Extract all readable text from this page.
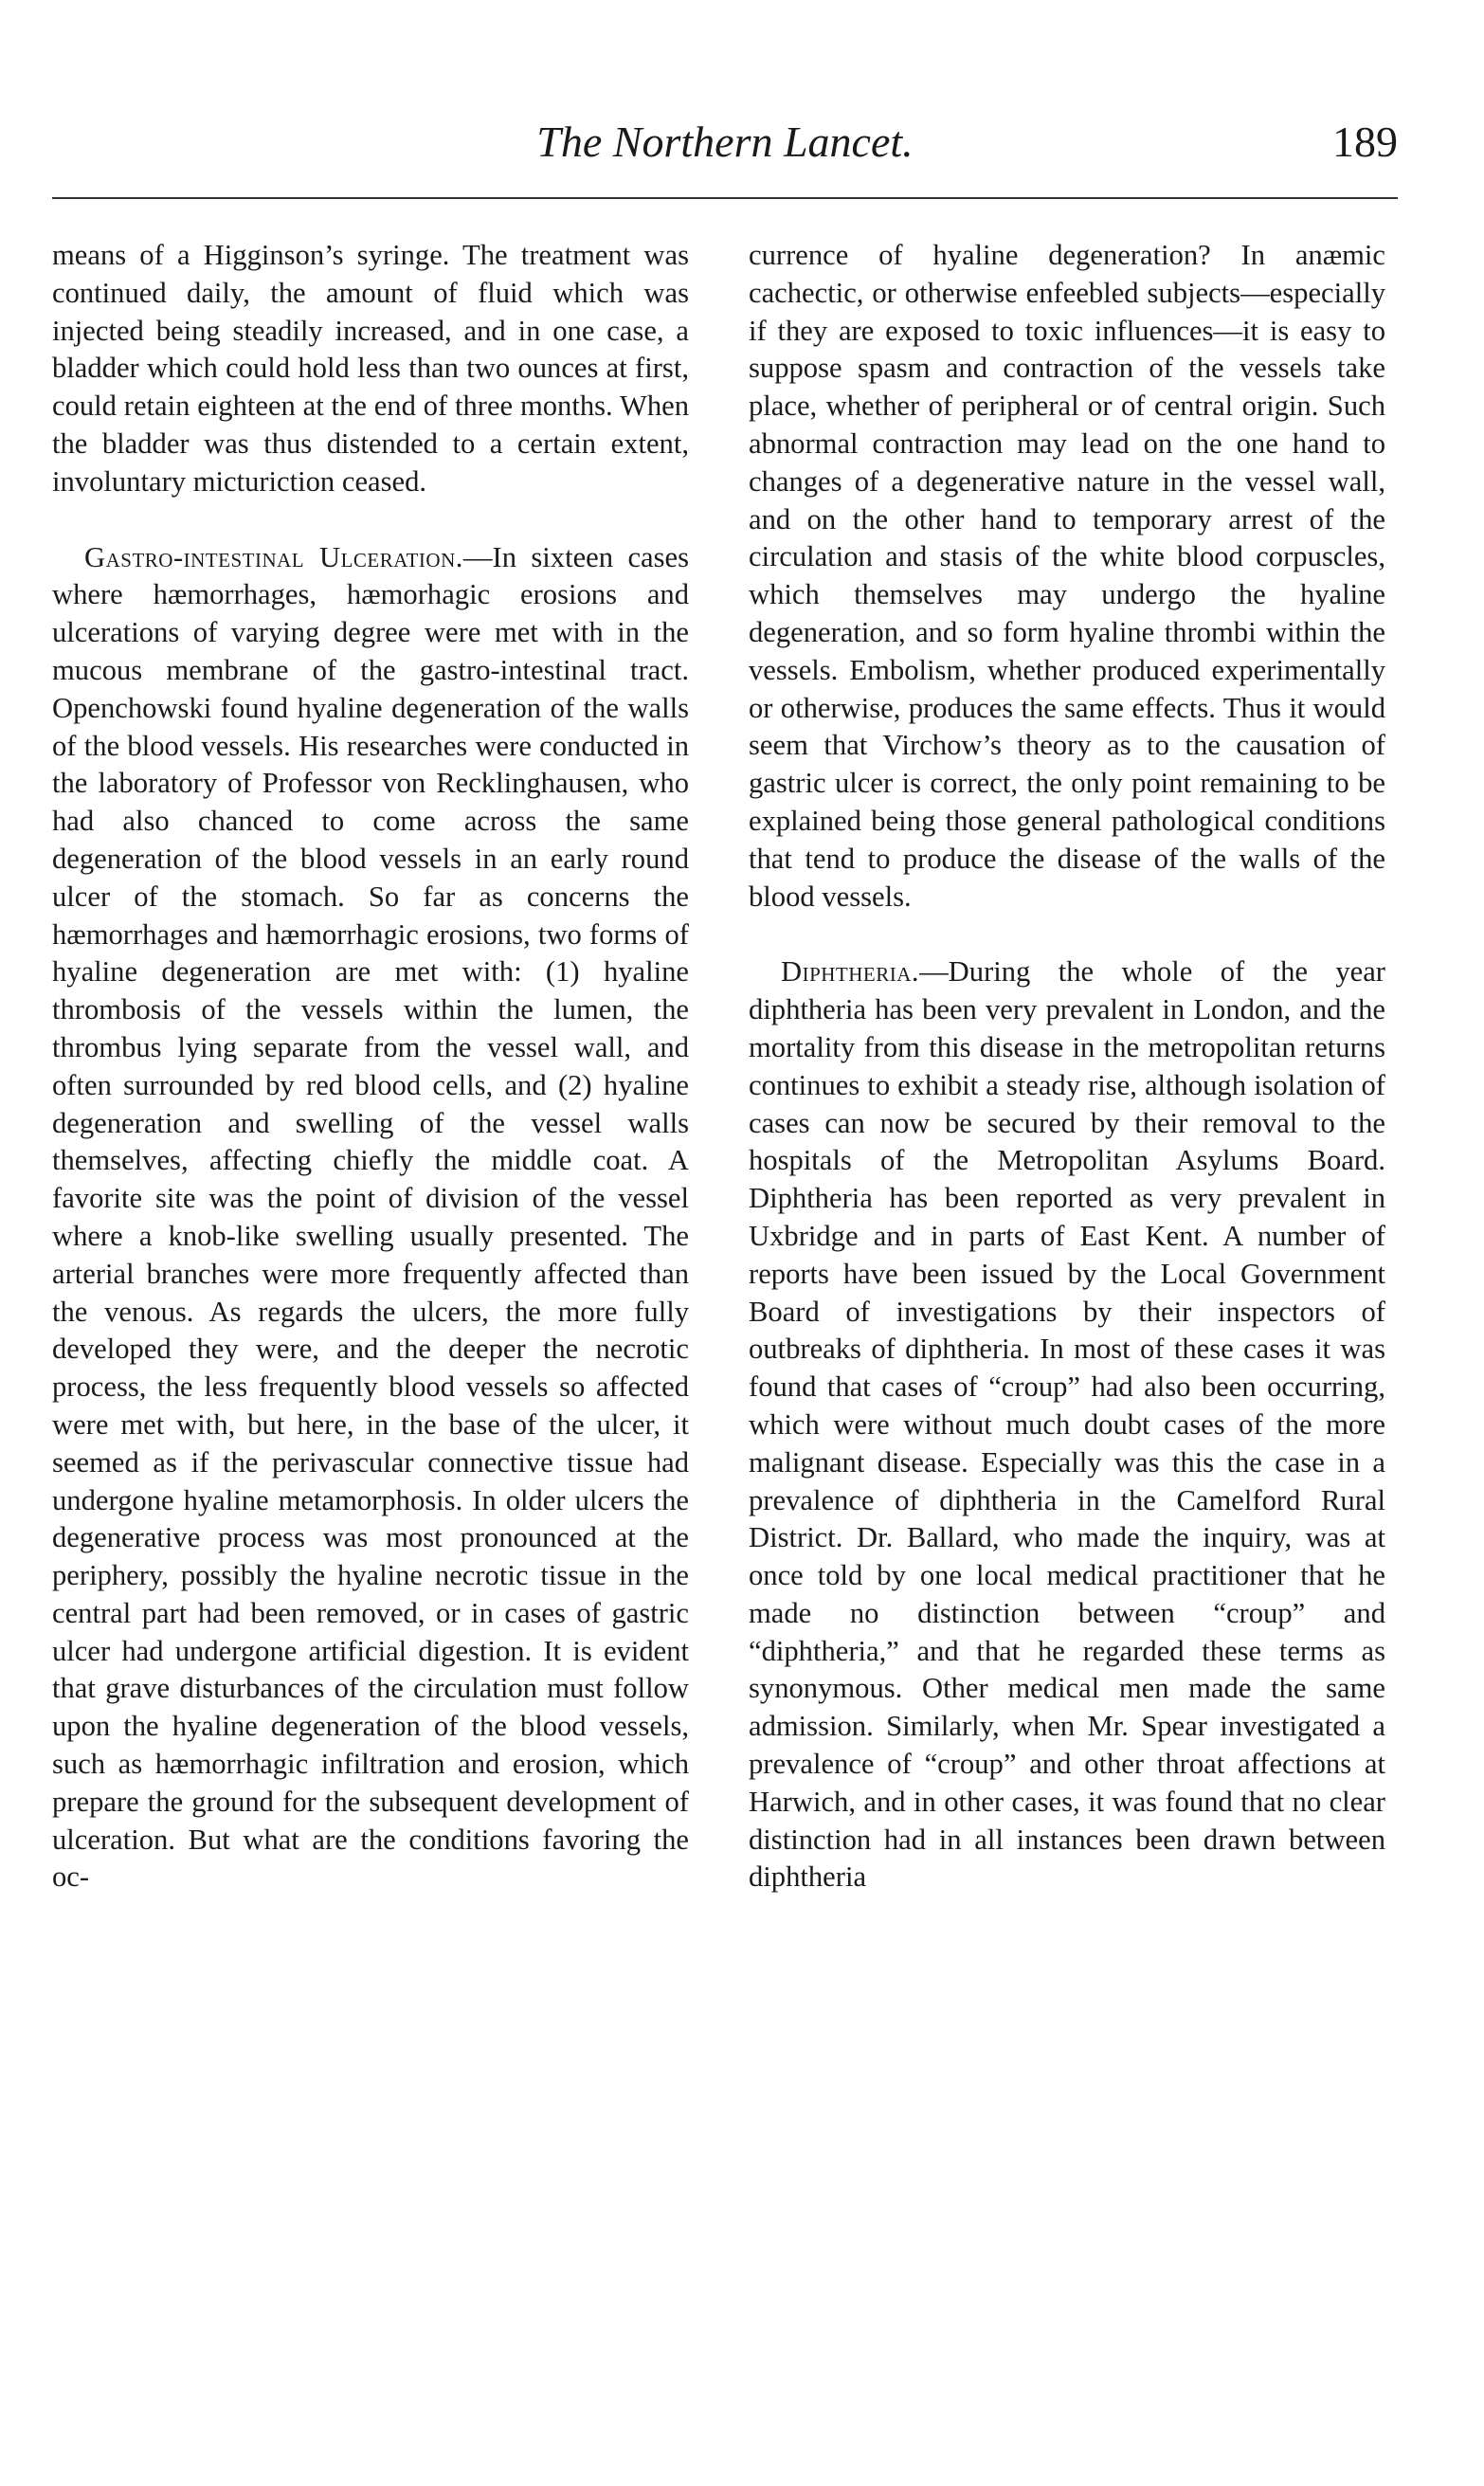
The Northern Lancet.	189

means of a Higginson’s syringe. The treatment was continued daily, the amount of fluid which was injected being steadily increased, and in one case, a bladder which could hold less than two ounces at first, could retain eighteen at the end of three months. When the bladder was thus distended to a certain extent, involuntary micturiction ceased.

Gastro-intestinal Ulceration.—In sixteen cases where hæmorrhages, hæmorhagic erosions and ulcerations of varying degree were met with in the mucous membrane of the gastro-intestinal tract. Openchowski found hyaline degeneration of the walls of the blood vessels. His researches were conducted in the laboratory of Professor von Recklinghausen, who had also chanced to come across the same degeneration of the blood vessels in an early round ulcer of the stomach. So far as concerns the hæmorrhages and hæmorrhagic erosions, two forms of hyaline degeneration are met with: (1) hyaline thrombosis of the vessels within the lumen, the thrombus lying separate from the vessel wall, and often surrounded by red blood cells, and (2) hyaline degeneration and swelling of the vessel walls themselves, affecting chiefly the middle coat. A favorite site was the point of division of the vessel where a knob-like swelling usually presented. The arterial branches were more frequently affected than the venous. As regards the ulcers, the more fully developed they were, and the deeper the necrotic process, the less frequently blood vessels so affected were met with, but here, in the base of the ulcer, it seemed as if the perivascular connective tissue had undergone hyaline metamorphosis. In older ulcers the degenerative process was most pronounced at the periphery, possibly the hyaline necrotic tissue in the central part had been removed, or in cases of gastric ulcer had undergone artificial digestion. It is evident that grave disturbances of the circulation must follow upon the hyaline degeneration of the blood vessels, such as hæmorrhagic infiltration and erosion, which prepare the ground for the subsequent development of ulceration. But what are the conditions favoring the oc-

currence of hyaline degeneration? In anæmic cachectic, or otherwise enfeebled subjects—especially if they are exposed to toxic influences—it is easy to suppose spasm and contraction of the vessels take place, whether of peripheral or of central origin. Such abnormal contraction may lead on the one hand to changes of a degenerative nature in the vessel wall, and on the other hand to temporary arrest of the circulation and stasis of the white blood corpuscles, which themselves may undergo the hyaline degeneration, and so form hyaline thrombi within the vessels. Embolism, whether produced experimentally or otherwise, produces the same effects. Thus it would seem that Virchow’s theory as to the causation of gastric ulcer is correct, the only point remaining to be explained being those general pathological conditions that tend to produce the disease of the walls of the blood vessels.

Diphtheria.—During the whole of the year diphtheria has been very prevalent in London, and the mortality from this disease in the metropolitan returns continues to exhibit a steady rise, although isolation of cases can now be secured by their removal to the hospitals of the Metropolitan Asylums Board. Diphtheria has been reported as very prevalent in Uxbridge and in parts of East Kent. A number of reports have been issued by the Local Government Board of investigations by their inspectors of outbreaks of diphtheria. In most of these cases it was found that cases of “croup” had also been occurring, which were without much doubt cases of the more malignant disease. Especially was this the case in a prevalence of diphtheria in the Camelford Rural District. Dr. Ballard, who made the inquiry, was at once told by one local medical practitioner that he made no distinction between “croup” and “diphtheria,” and that he regarded these terms as synonymous. Other medical men made the same admission. Similarly, when Mr. Spear investigated a prevalence of “croup” and other throat affections at Harwich, and in other cases, it was found that no clear distinction had in all instances been drawn between diphtheria
